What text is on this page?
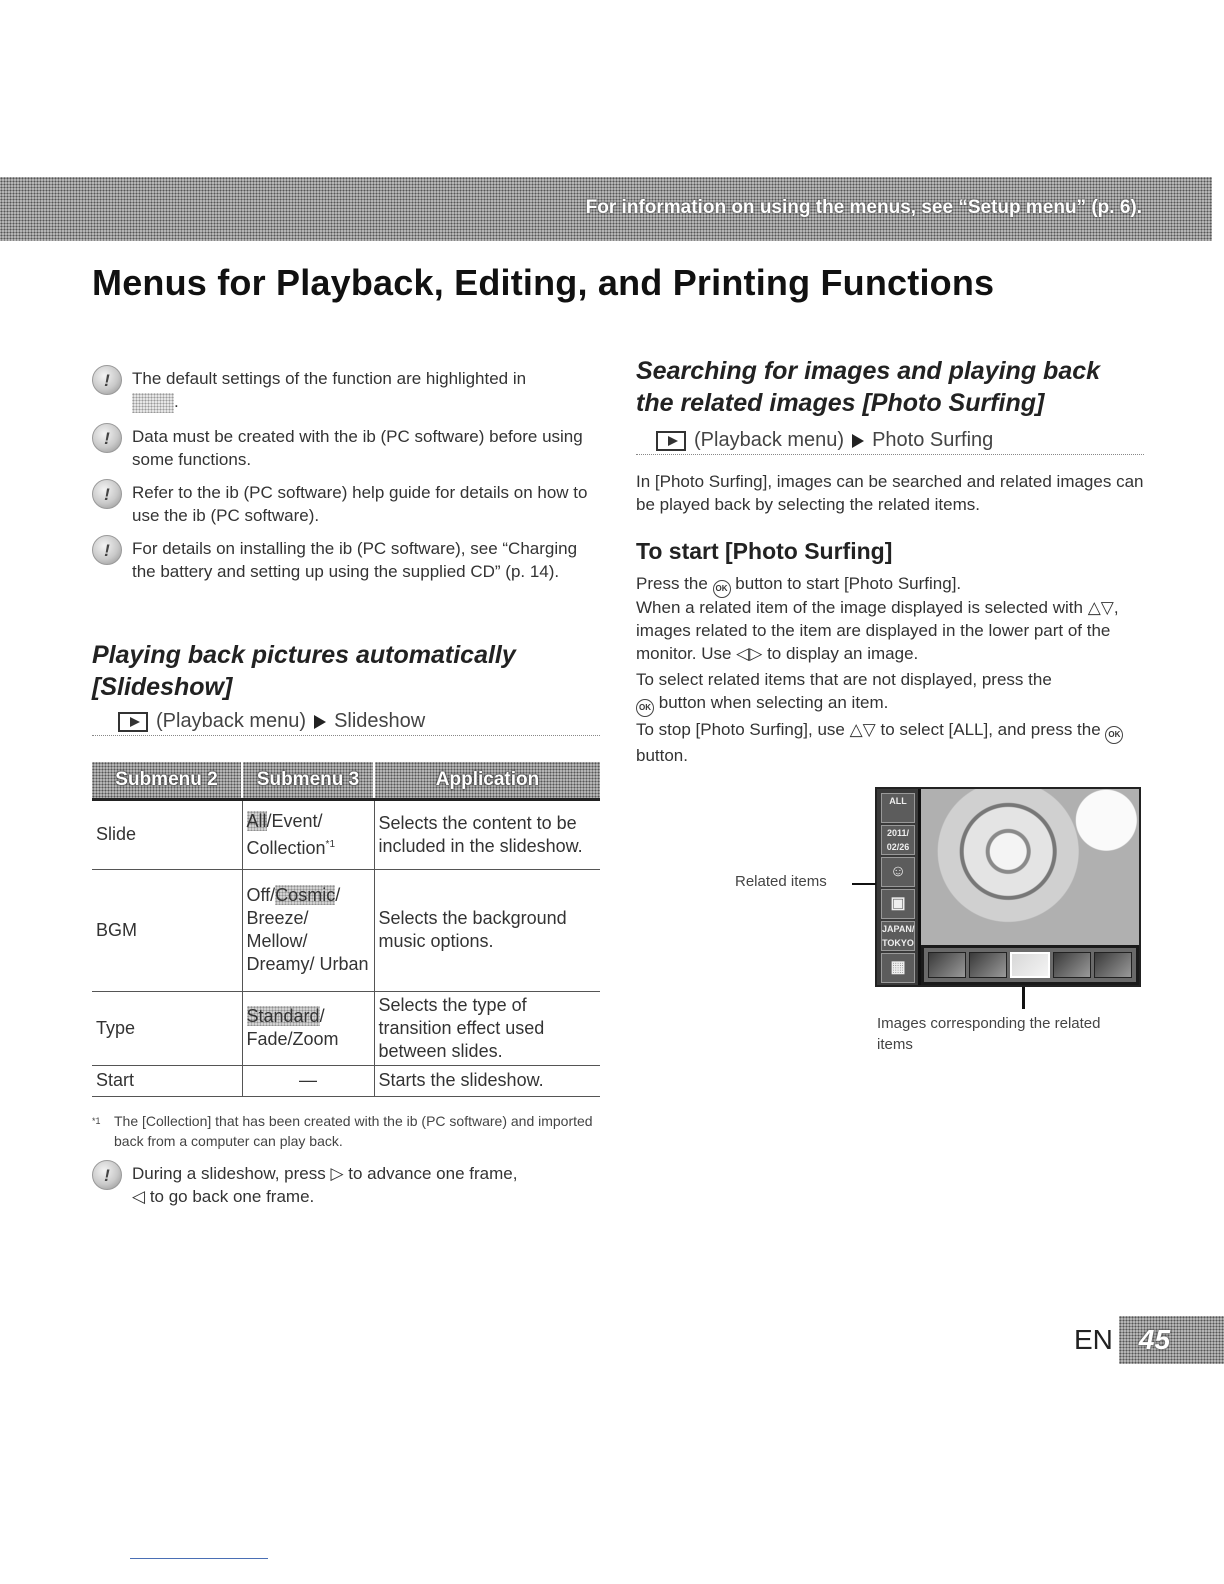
For information on using the menus, see “Setup menu” (p. 6).
Menus for Playback, Editing, and Printing Functions
!	The default settings of the function are highlighted in
.
!	Data must be created with the ib (PC software) before using some functions.
!	Refer to the ib (PC software) help guide for details on how to use the ib (PC software).
!	For details on installing the ib (PC software), see “Charging the battery and setting up using the supplied CD” (p. 14).
Playing back pictures automatically
[Slideshow]
(Playback menu) Slideshow
Submenu 2	Submenu 3	Application
Slide	All/Event/ Collection$^{*1}$	Selects the content to be included in the slideshow.
BGM	Off/Cosmic/ Breeze/ Mellow/ Dreamy/ Urban	Selects the background music options.
Type	Standard/ Fade/Zoom	Selects the type of transition effect used between slides.
Start	—	Starts the slideshow.
*1 The [Collection] that has been created with the ib (PC software) and imported back from a computer can play back.
!	During a slideshow, press ▷ to advance one frame,
◁ to go back one frame.
Searching for images and playing back
the related images [Photo Surfing]
(Playback menu) Photo Surfing
In [Photo Surfing], images can be searched and related images can be played back by selecting the related items.
To start [Photo Surfing]
Press the OK button to start [Photo Surfing].
When a related item of the image displayed is selected with △▽, images related to the item are displayed in the lower part of the monitor. Use ◁▷ to display an image.
To select related items that are not displayed, press the
OK button when selecting an item.
To stop [Photo Surfing], use △▽ to select [ALL], and press the OK button.
ALL
2011/ 02/26
☺
▣
JAPAN/ TOKYO
▦
Related items
Images corresponding the related items
EN 45
